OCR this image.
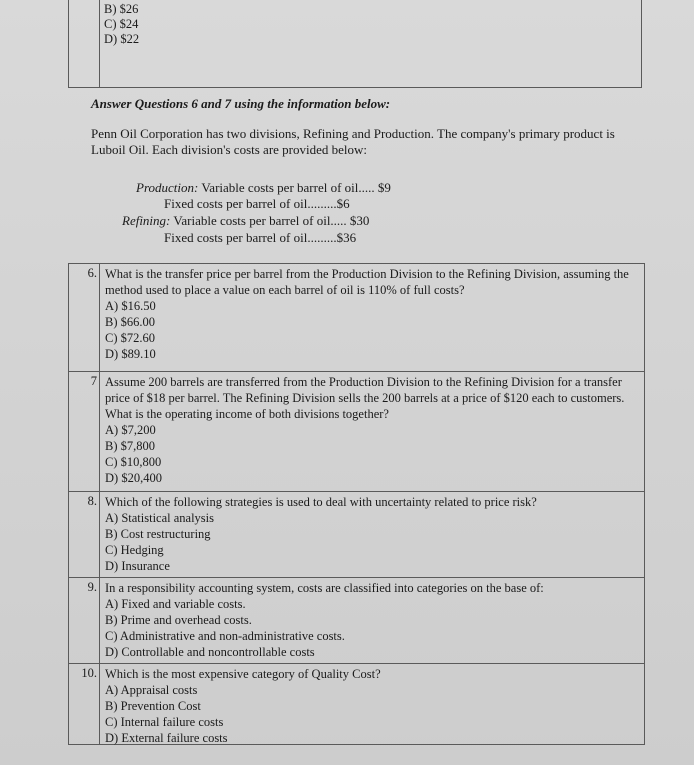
B) $26
C) $24
D) $22
Answer Questions 6 and 7 using the information below:
Penn Oil Corporation has two divisions, Refining and Production. The company's primary product is Luboil Oil. Each division's costs are provided below:
Production: Variable costs per barrel of oil..... $9
Fixed costs per barrel of oil.........$6
Refining: Variable costs per barrel of oil..... $30
Fixed costs per barrel of oil.........$36
6. What is the transfer price per barrel from the Production Division to the Refining Division, assuming the method used to place a value on each barrel of oil is 110% of full costs?
A) $16.50
B) $66.00
C) $72.60
D) $89.10
7 Assume 200 barrels are transferred from the Production Division to the Refining Division for a transfer price of $18 per barrel. The Refining Division sells the 200 barrels at a price of $120 each to customers. What is the operating income of both divisions together?
A) $7,200
B) $7,800
C) $10,800
D) $20,400
8. Which of the following strategies is used to deal with uncertainty related to price risk?
A) Statistical analysis
B) Cost restructuring
C) Hedging
D) Insurance
9. In a responsibility accounting system, costs are classified into categories on the base of:
A) Fixed and variable costs.
B) Prime and overhead costs.
C) Administrative and non-administrative costs.
D) Controllable and noncontrollable costs
10. Which is the most expensive category of Quality Cost?
A) Appraisal costs
B) Prevention Cost
C) Internal failure costs
D) External failure costs
